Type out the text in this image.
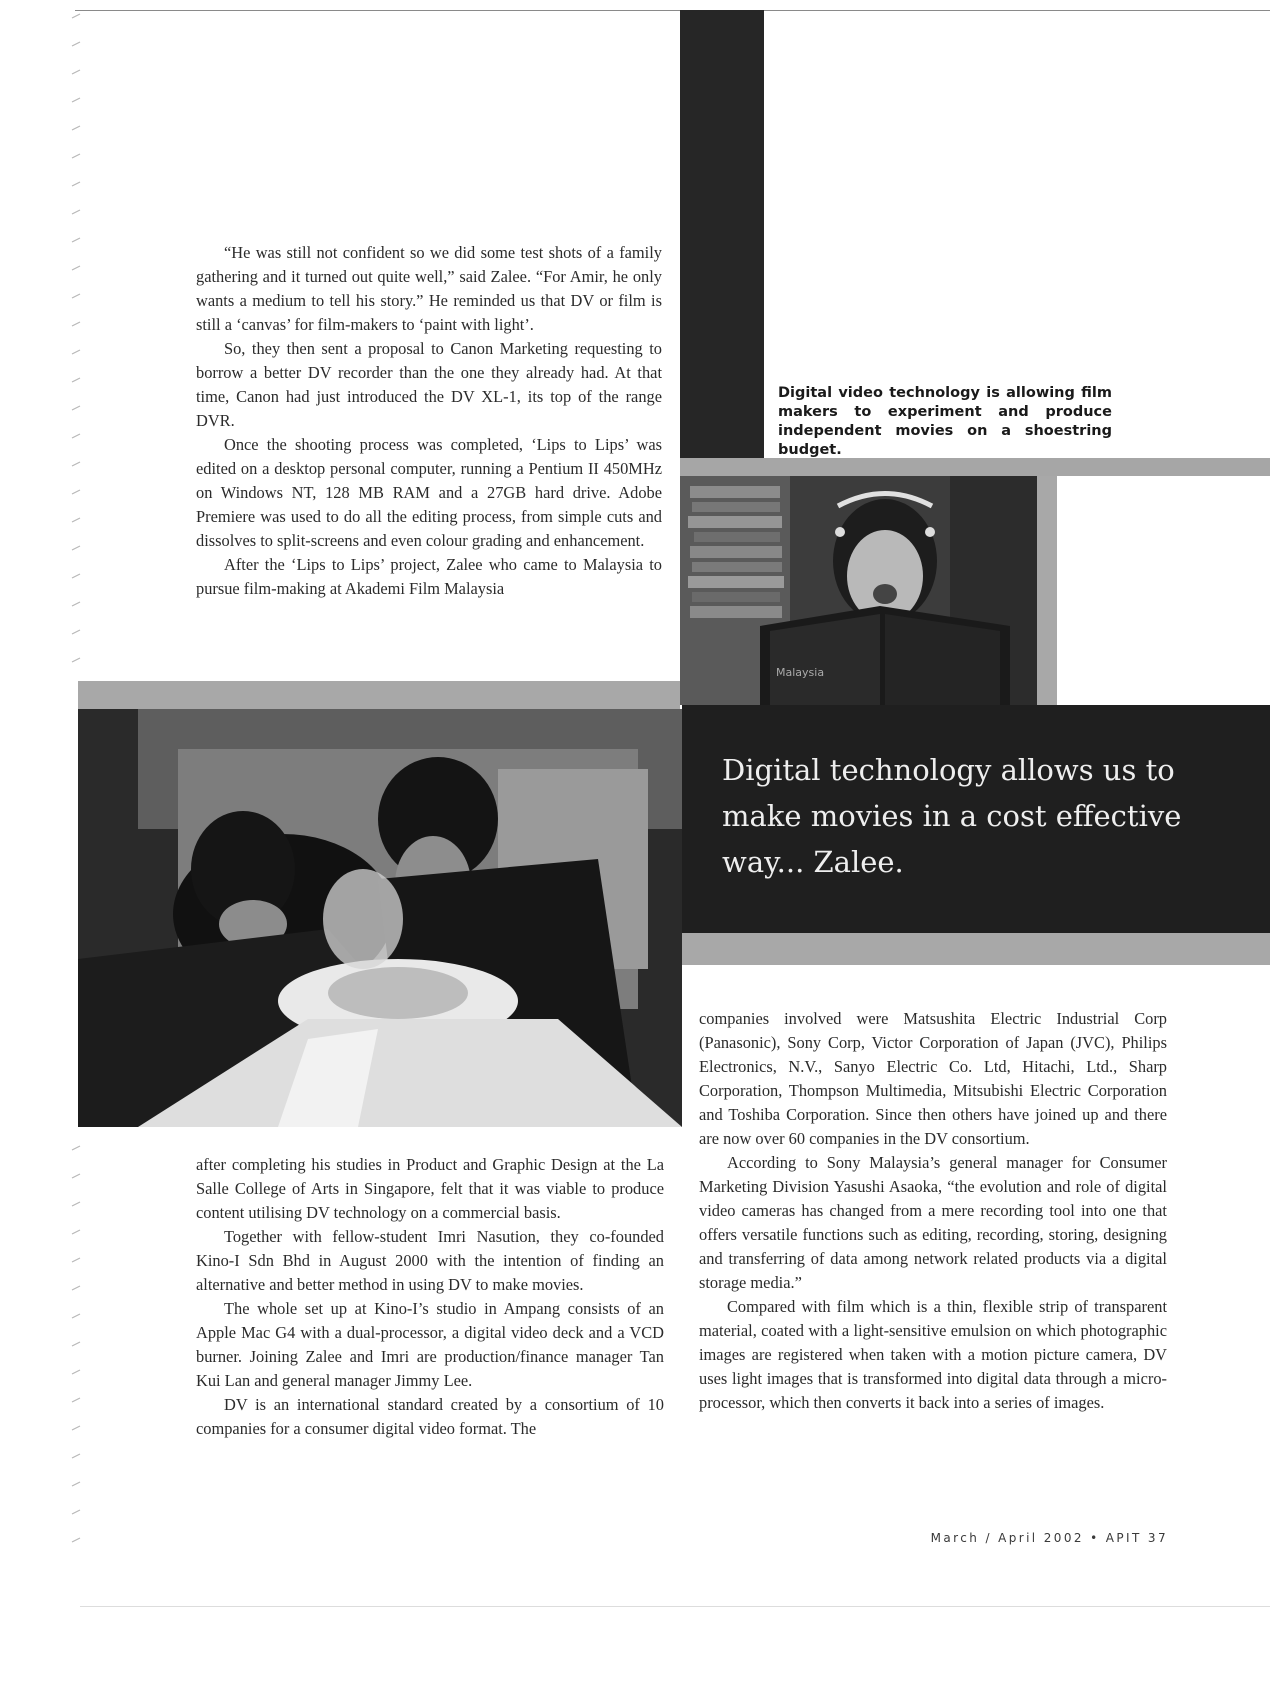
Digital video technology is allowing film makers to experiment and produce independent movies on a shoestring budget.

Malaysia

Digital technology allows us to make movies in a cost effective way... Zalee.

“He was still not confident so we did some test shots of a family gathering and it turned out quite well,” said Zalee. “For Amir, he only wants a medium to tell his story.” He reminded us that DV or film is still a ‘canvas’ for film-makers to ‘paint with light’.

So, they then sent a proposal to Canon Marketing requesting to borrow a better DV recorder than the one they already had. At that time, Canon had just introduced the DV XL-1, its top of the range DVR.

Once the shooting process was completed, ‘Lips to Lips’ was edited on a desktop personal computer, running a Pentium II 450MHz on Windows NT, 128 MB RAM and a 27GB hard drive. Adobe Premiere was used to do all the editing process, from simple cuts and dissolves to split-screens and even colour grading and enhancement.

After the ‘Lips to Lips’ project, Zalee who came to Malaysia to pursue film-making at Akademi Film Malaysia

after completing his studies in Product and Graphic Design at the La Salle College of Arts in Singapore, felt that it was viable to produce content utilising DV technology on a commercial basis.

Together with fellow-student Imri Nasution, they co-founded Kino-I Sdn Bhd in August 2000 with the intention of finding an alternative and better method in using DV to make movies.

The whole set up at Kino-I’s studio in Ampang consists of an Apple Mac G4 with a dual-processor, a digital video deck and a VCD burner. Joining Zalee and Imri are production/finance manager Tan Kui Lan and general manager Jimmy Lee.

DV is an international standard created by a consortium of 10 companies for a consumer digital video format. The

companies involved were Matsushita Electric Industrial Corp (Panasonic), Sony Corp, Victor Corporation of Japan (JVC), Philips Electronics, N.V., Sanyo Electric Co. Ltd, Hitachi, Ltd., Sharp Corporation, Thompson Multimedia, Mitsubishi Electric Corporation and Toshiba Corporation. Since then others have joined up and there are now over 60 companies in the DV consortium.

According to Sony Malaysia’s general manager for Consumer Marketing Division Yasushi Asaoka, “the evolution and role of digital video cameras has changed from a mere recording tool into one that offers versatile functions such as editing, recording, storing, designing and transferring of data among network related products via a digital storage media.”

Compared with film which is a thin, flexible strip of transparent material, coated with a light-sensitive emulsion on which photographic images are registered when taken with a motion picture camera, DV uses light images that is transformed into digital data through a micro-processor, which then converts it back into a series of images.

March / April 2002 • APIT 37
